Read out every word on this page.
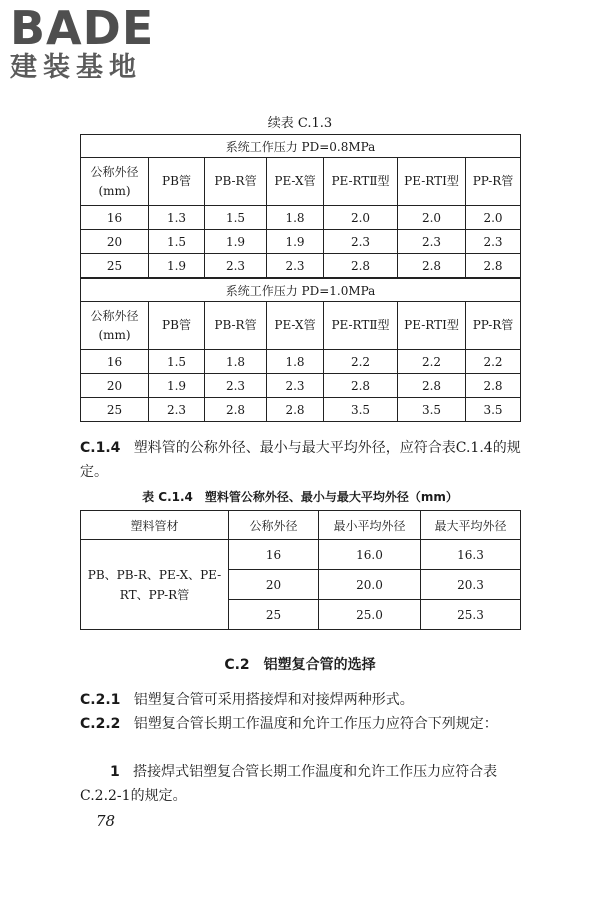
BADE
建装基地
续表 C.1.3
系统工作压力 PD=0.8MPa						
公称外径(mm)	PB管	PB-R管	PE-X管	PE-RTⅡ型	PE-RTⅠ型	PP-R管
16	1.3	1.5	1.8	2.0	2.0	2.0
20	1.5	1.9	1.9	2.3	2.3	2.3
25	1.9	2.3	2.3	2.8	2.8	2.8
系统工作压力 PD=1.0MPa						
公称外径(mm)	PB管	PB-R管	PE-X管	PE-RTⅡ型	PE-RTⅠ型	PP-R管
16	1.5	1.8	1.8	2.2	2.2	2.2
20	1.9	2.3	2.3	2.8	2.8	2.8
25	2.3	2.8	2.8	3.5	3.5	3.5
C.1.4 塑料管的公称外径、最小与最大平均外径，应符合表C.1.4的规定。
表 C.1.4　塑料管公称外径、最小与最大平均外径（mm）
塑料管材	公称外径	最小平均外径	最大平均外径
PB、PB-R、PE-X、PE-RT、PP-R管	16	16.0	16.3
	20	20.0	20.3
	25	25.0	25.3
C.2　铝塑复合管的选择
C.2.1 铝塑复合管可采用搭接焊和对接焊两种形式。
C.2.2 铝塑复合管长期工作温度和允许工作压力应符合下列规定：
1 搭接焊式铝塑复合管长期工作温度和允许工作压力应符合表C.2.2-1的规定。
78
